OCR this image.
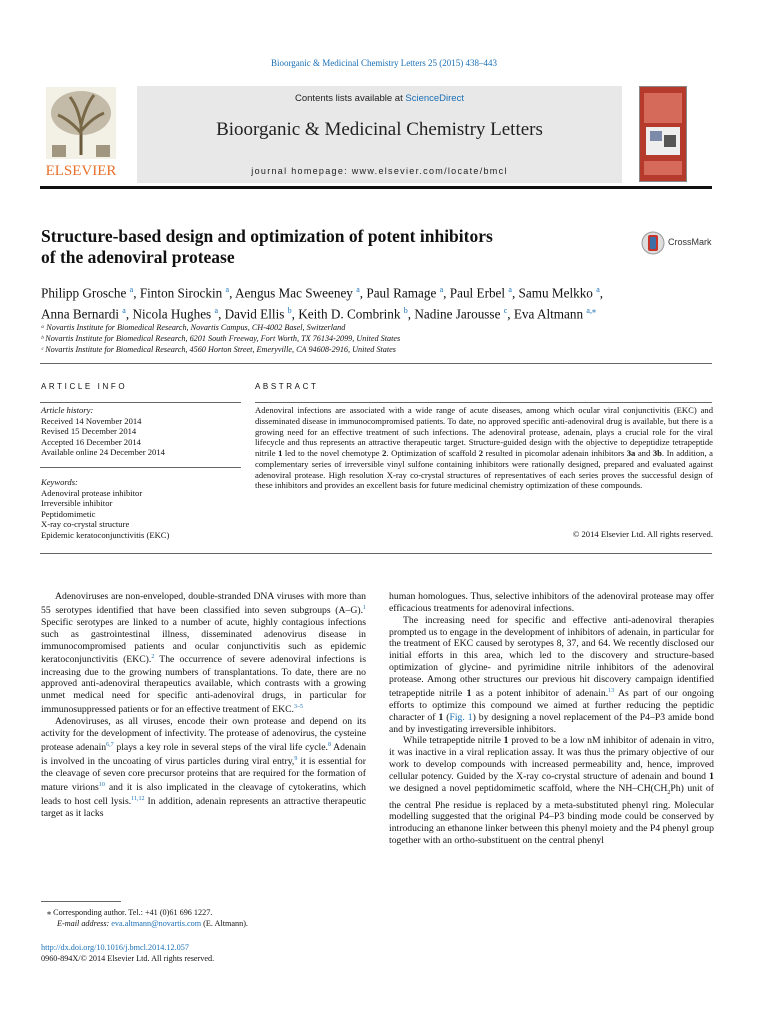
Bioorganic & Medicinal Chemistry Letters 25 (2015) 438–443
ELSEVIER
Contents lists available at ScienceDirect
Bioorganic & Medicinal Chemistry Letters
journal homepage: www.elsevier.com/locate/bmcl
Structure-based design and optimization of potent inhibitors
of the adenoviral protease
CrossMark
Philipp Grosche $^a$, Finton Sirockin $^a$, Aengus Mac Sweeney $^a$, Paul Ramage $^a$, Paul Erbel $^a$, Samu Melkko $^a$,
Anna Bernardi $^a$, Nicola Hughes $^a$, David Ellis $^b$, Keith D. Combrink $^b$, Nadine Jarousse $^c$, Eva Altmann $^{a,⁎}$
ᵃ Novartis Institute for Biomedical Research, Novartis Campus, CH-4002 Basel, Switzerland
ᵇ Novartis Institute for Biomedical Research, 6201 South Freeway, Fort Worth, TX 76134-2099, United States
ᶜ Novartis Institute for Biomedical Research, 4560 Horton Street, Emeryville, CA 94608-2916, United States
ARTICLE INFO	ABSTRACT
Article history:
Received 14 November 2014
Revised 15 December 2014
Accepted 16 December 2014
Available online 24 December 2014
Keywords:
Adenoviral protease inhibitor
Irreversible inhibitor
Peptidomimetic
X-ray co-crystal structure
Epidemic keratoconjunctivitis (EKC)
Adenoviral infections are associated with a wide range of acute diseases, among which ocular viral conjunctivitis (EKC) and disseminated disease in immunocompromised patients. To date, no approved specific anti-adenoviral drug is available, but there is a growing need for an effective treatment of such infections. The adenoviral protease, adenain, plays a crucial role for the viral lifecycle and thus represents an attractive therapeutic target. Structure-guided design with the objective to depeptidize tetrapeptide nitrile 1 led to the novel chemotype 2. Optimization of scaffold 2 resulted in picomolar adenain inhibitors 3a and 3b. In addition, a complementary series of irreversible vinyl sulfone containing inhibitors were rationally designed, prepared and evaluated against adenoviral protease. High resolution X-ray co-crystal structures of representatives of each series proves the successful design of these inhibitors and provides an excellent basis for future medicinal chemistry optimization of these compounds.
© 2014 Elsevier Ltd. All rights reserved.

Adenoviruses are non-enveloped, double-stranded DNA viruses with more than 55 serotypes identified that have been classified into seven subgroups (A–G).$^1$ Specific serotypes are linked to a number of acute, highly contagious infections such as gastrointestinal illness, disseminated adenovirus disease in immunocompromised patients and ocular conjunctivitis such as epidemic keratoconjunctivitis (EKC).$^2$ The occurrence of severe adenoviral infections is increasing due to the growing numbers of transplantations. To date, there are no approved anti-adenoviral therapeutics available, which contrasts with a growing unmet medical need for specific anti-adenoviral drugs, in particular for immunosuppressed patients or for an effective treatment of EKC.$^{3-5}$

Adenoviruses, as all viruses, encode their own protease and depend on its activity for the development of infectivity. The protease of adenovirus, the cysteine protease adenain$^{6,7}$ plays a key role in several steps of the viral life cycle.$^8$ Adenain is involved in the uncoating of virus particles during viral entry,$^9$ it is essential for the cleavage of seven core precursor proteins that are required for the formation of mature virions$^{10}$ and it is also implicated in the cleavage of cytokeratins, which leads to host cell lysis.$^{11,12}$ In addition, adenain represents an attractive therapeutic target as it lacks

human homologues. Thus, selective inhibitors of the adenoviral protease may offer efficacious treatments for adenoviral infections.

The increasing need for specific and effective anti-adenoviral therapies prompted us to engage in the development of inhibitors of adenain, in particular for the treatment of EKC caused by serotypes 8, 37, and 64. We recently disclosed our initial efforts in this area, which led to the discovery and structure-based optimization of glycine- and pyrimidine nitrile inhibitors of the adenoviral protease. Among other structures our previous hit discovery campaign identified tetrapeptide nitrile 1 as a potent inhibitor of adenain.$^{13}$ As part of our ongoing efforts to optimize this compound we aimed at further reducing the peptidic character of 1 (Fig. 1) by designing a novel replacement of the P4–P3 amide bond and by investigating irreversible inhibitors.

While tetrapeptide nitrile 1 proved to be a low nM inhibitor of adenain in vitro, it was inactive in a viral replication assay. It was thus the primary objective of our work to develop compounds with increased permeability and, hence, improved cellular potency. Guided by the X-ray co-crystal structure of adenain and bound 1 we designed a novel peptidomimetic scaffold, where the $NH-CH(CH_2Ph)$ unit of the central Phe residue is replaced by a meta-substituted phenyl ring. Molecular modelling suggested that the original P4–P3 binding mode could be conserved by introducing an ethanone linker between this phenyl moiety and the P4 phenyl group together with an ortho-substituent on the central phenyl

⁎ Corresponding author. Tel.: +41 (0)61 696 1227.
E-mail address: eva.altmann@novartis.com (E. Altmann).
http://dx.doi.org/10.1016/j.bmcl.2014.12.057
0960-894X/© 2014 Elsevier Ltd. All rights reserved.
